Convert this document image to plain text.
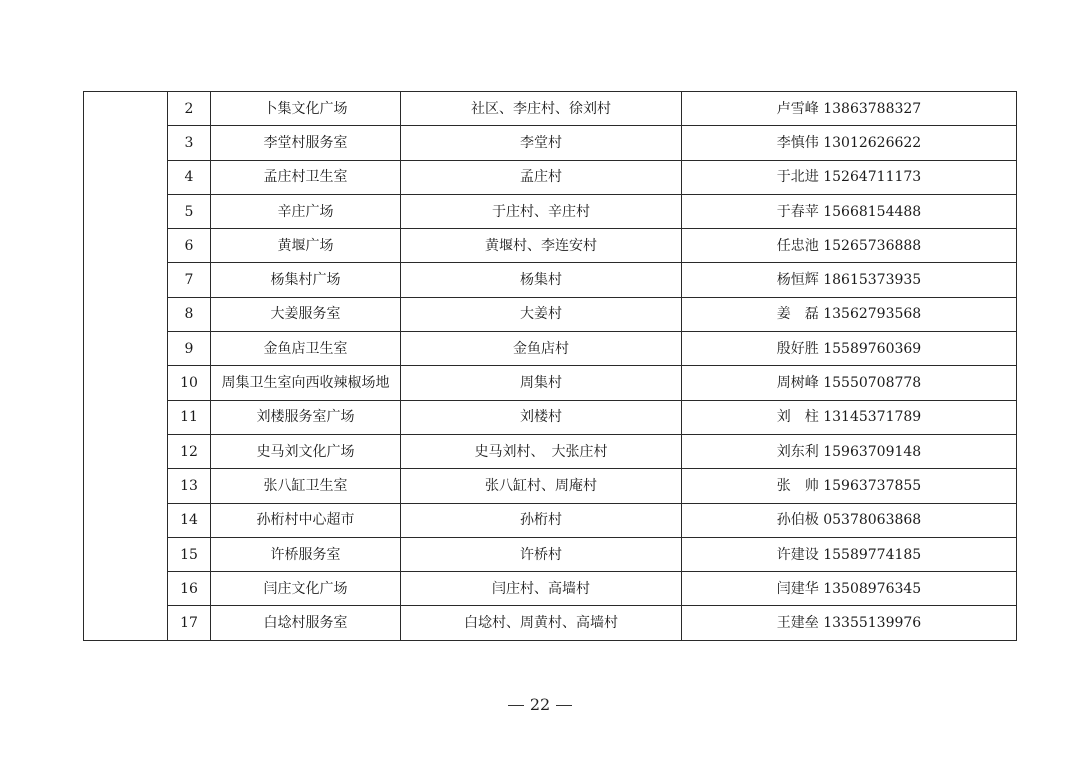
	2	卜集文化广场	社区、李庄村、徐刘村	卢雪峰 13863788327
	3	李堂村服务室	李堂村	李慎伟 13012626622
	4	孟庄村卫生室	孟庄村	于北进 15264711173
	5	辛庄广场	于庄村、辛庄村	于春苹 15668154488
	6	黄堰广场	黄堰村、李连安村	任忠池 15265736888
	7	杨集村广场	杨集村	杨恒辉 18615373935
	8	大姜服务室	大姜村	姜　磊 13562793568
	9	金鱼店卫生室	金鱼店村	殷好胜 15589760369
	10	周集卫生室向西收辣椒场地	周集村	周树峰 15550708778
	11	刘楼服务室广场	刘楼村	刘　柱 13145371789
	12	史马刘文化广场	史马刘村、　大张庄村	刘东利 15963709148
	13	张八缸卫生室	张八缸村、周庵村	张　帅 15963737855
	14	孙桁村中心超市	孙桁村	孙伯极 05378063868
	15	许桥服务室	许桥村	许建设 15589774185
	16	闫庄文化广场	闫庄村、高墙村	闫建华 13508976345
	17	白埝村服务室	白埝村、周黄村、高墙村	王建垒 13355139976
22
